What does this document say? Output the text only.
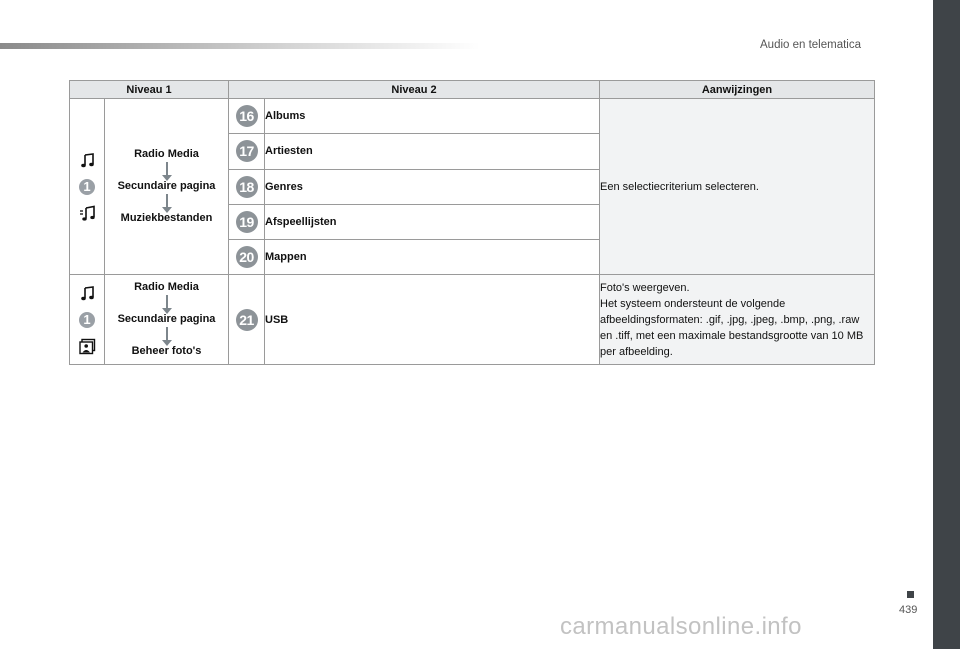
Audio en telematica
Niveau 1		Niveau 2		Aanwijzingen

1	Radio Media
Secundaire pagina
Muziekbestanden	16	Albums	Een selectiecriterium selecteren.
		17	Artiesten	
		18	Genres	
		19	Afspeellijsten	
		20	Mappen	

1	Radio Media
Secundaire pagina
Beheer foto's	21	USB	Foto's weergeven.
Het systeem ondersteunt de volgende afbeeldingsformaten: .gif, .jpg, .jpeg, .bmp, .png, .raw en .tiff, met een maximale bestandsgrootte van 10 MB per afbeelding.
439
carmanualsonline.info
